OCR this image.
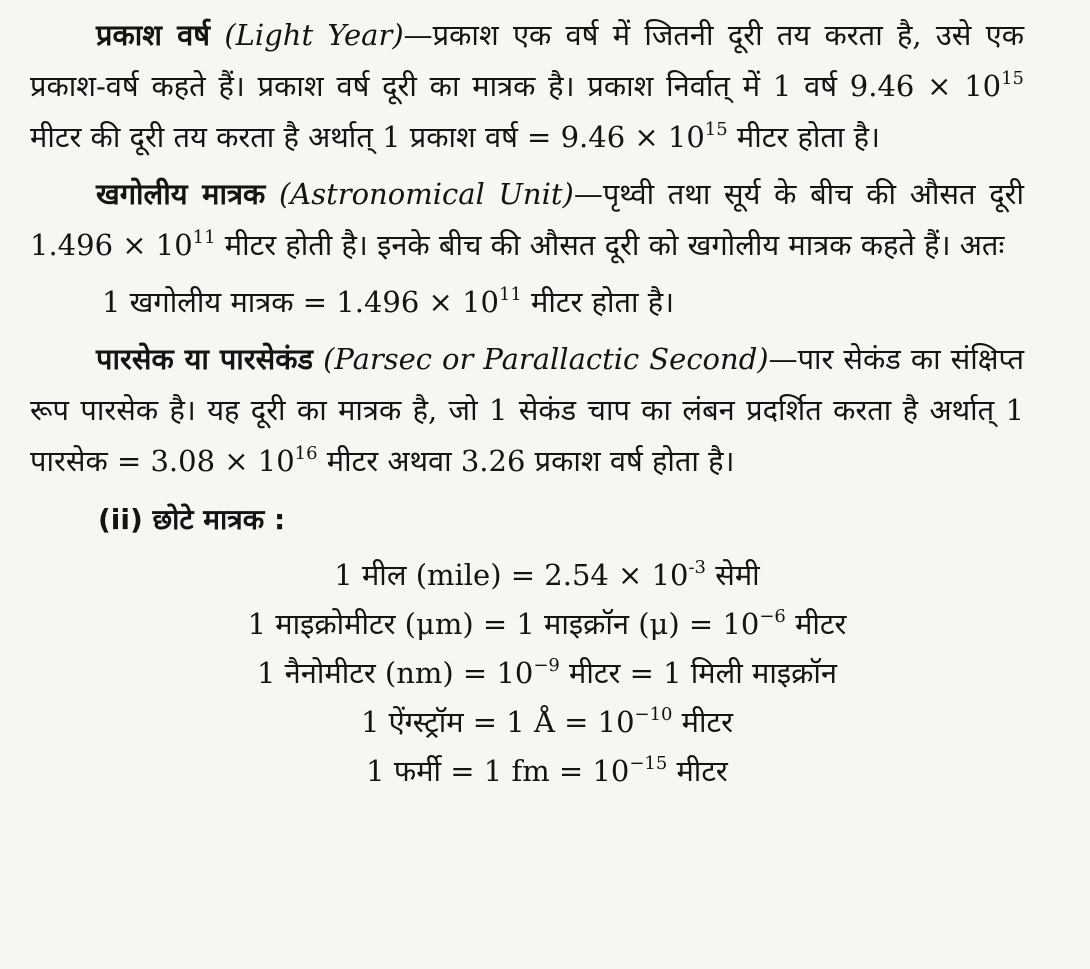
प्रकाश वर्ष (Light Year)—प्रकाश एक वर्ष में जितनी दूरी तय करता है, उसे एक प्रकाश-वर्ष कहते हैं। प्रकाश वर्ष दूरी का मात्रक है। प्रकाश निर्वात् में 1 वर्ष $9.46 \times 10^{15}$ मीटर की दूरी तय करता है अर्थात् 1 प्रकाश वर्ष = $9.46 \times 10^{15}$ मीटर होता है।

खगोलीय मात्रक (Astronomical Unit)—पृथ्वी तथा सूर्य के बीच की औसत दूरी $1.496 \times 10^{11}$ मीटर होती है। इनके बीच की औसत दूरी को खगोलीय मात्रक कहते हैं। अतः

1 खगोलीय मात्रक = $1.496 \times 10^{11}$ मीटर होता है।

पारसेक या पारसेकंड (Parsec or Parallactic Second)—पार सेकंड का संक्षिप्त रूप पारसेक है। यह दूरी का मात्रक है, जो 1 सेकंड चाप का लंबन प्रदर्शित करता है अर्थात् 1 पारसेक = $3.08 \times 10^{16}$ मीटर अथवा 3.26 प्रकाश वर्ष होता है।

(ii) छोटे मात्रक :
1 मील (mile) = $2.54 \times 10^{-3}$ सेमी
1 माइक्रोमीटर (μm) = 1 माइक्रॉन $(\mu) = 10^{-6}$ मीटर
1 नैनोमीटर $(nm) = 10^{-9}$ मीटर = 1 मिली माइक्रॉन
1 ऐंग्स्ट्रॉम = 1 Å = $10^{-10}$ मीटर
1 फर्मी = 1 fm = $10^{-15}$ मीटर
